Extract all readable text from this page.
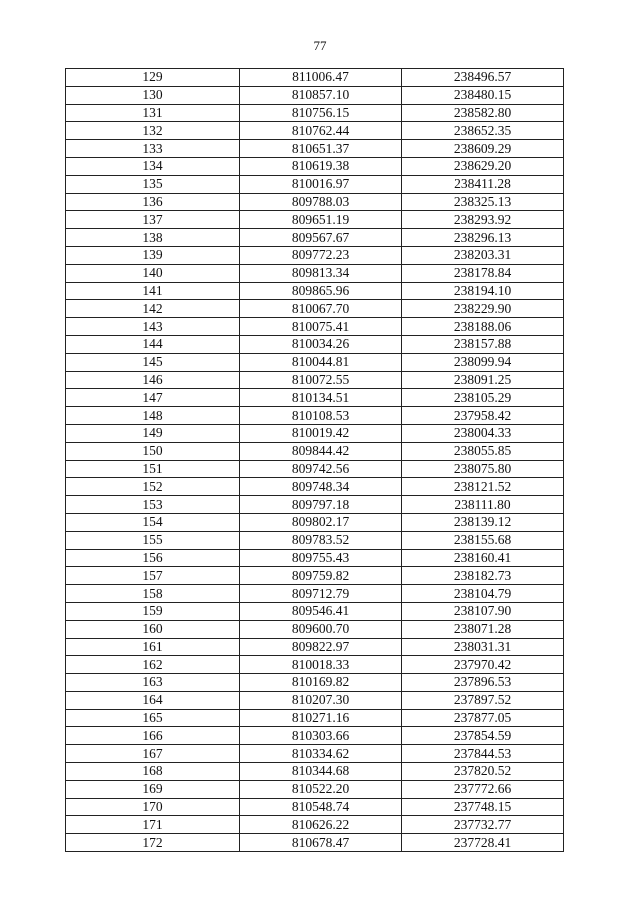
77
129	811006.47	238496.57
130	810857.10	238480.15
131	810756.15	238582.80
132	810762.44	238652.35
133	810651.37	238609.29
134	810619.38	238629.20
135	810016.97	238411.28
136	809788.03	238325.13
137	809651.19	238293.92
138	809567.67	238296.13
139	809772.23	238203.31
140	809813.34	238178.84
141	809865.96	238194.10
142	810067.70	238229.90
143	810075.41	238188.06
144	810034.26	238157.88
145	810044.81	238099.94
146	810072.55	238091.25
147	810134.51	238105.29
148	810108.53	237958.42
149	810019.42	238004.33
150	809844.42	238055.85
151	809742.56	238075.80
152	809748.34	238121.52
153	809797.18	238111.80
154	809802.17	238139.12
155	809783.52	238155.68
156	809755.43	238160.41
157	809759.82	238182.73
158	809712.79	238104.79
159	809546.41	238107.90
160	809600.70	238071.28
161	809822.97	238031.31
162	810018.33	237970.42
163	810169.82	237896.53
164	810207.30	237897.52
165	810271.16	237877.05
166	810303.66	237854.59
167	810334.62	237844.53
168	810344.68	237820.52
169	810522.20	237772.66
170	810548.74	237748.15
171	810626.22	237732.77
172	810678.47	237728.41
